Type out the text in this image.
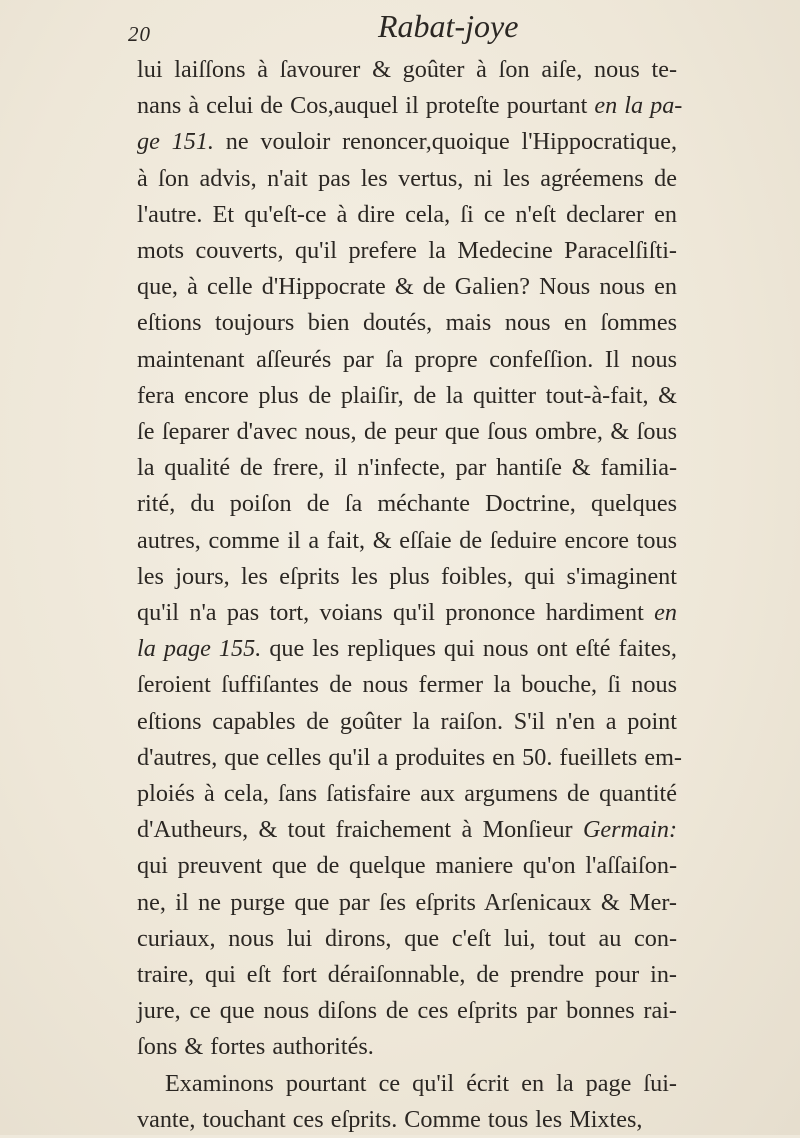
20	Rabat-joye
lui laiſſons à ſavourer & goûter à ſon aiſe, nous te-
nans à celui de Cos,auquel il proteſte pourtant en la pa-
ge 151. ne vouloir renoncer,quoique l'Hippocratique,
à ſon advis, n'ait pas les vertus, ni les agréemens de
l'autre. Et qu'eſt-ce à dire cela, ſi ce n'eſt declarer en
mots couverts, qu'il prefere la Medecine Paracelſiſti-
que, à celle d'Hippocrate & de Galien? Nous nous en
eſtions toujours bien doutés, mais nous en ſommes
maintenant aſſeurés par ſa propre confeſſion. Il nous
fera encore plus de plaiſir, de la quitter tout-à-fait, &
ſe ſeparer d'avec nous, de peur que ſous ombre, & ſous
la qualité de frere, il n'infecte, par hantiſe & familia-
rité, du poiſon de ſa méchante Doctrine, quelques
autres, comme il a fait, & eſſaie de ſeduire encore tous
les jours, les eſprits les plus foibles, qui s'imaginent
qu'il n'a pas tort, voians qu'il prononce hardiment en
la page 155. que les repliques qui nous ont eſté faites,
ſeroient ſuffiſantes de nous fermer la bouche, ſi nous
eſtions capables de goûter la raiſon. S'il n'en a point
d'autres, que celles qu'il a produites en 50. fueillets em-
ploiés à cela, ſans ſatisfaire aux argumens de quantité
d'Autheurs, & tout fraichement à Monſieur Germain:
qui preuvent que de quelque maniere qu'on l'aſſaiſon-
ne, il ne purge que par ſes eſprits Arſenicaux & Mer-
curiaux, nous lui dirons, que c'eſt lui, tout au con-
traire, qui eſt fort déraiſonnable, de prendre pour in-
jure, ce que nous diſons de ces eſprits par bonnes rai-
ſons & fortes authorités.
Examinons pourtant ce qu'il écrit en la page ſui-
vante, touchant ces eſprits. Comme tous les Mixtes,
